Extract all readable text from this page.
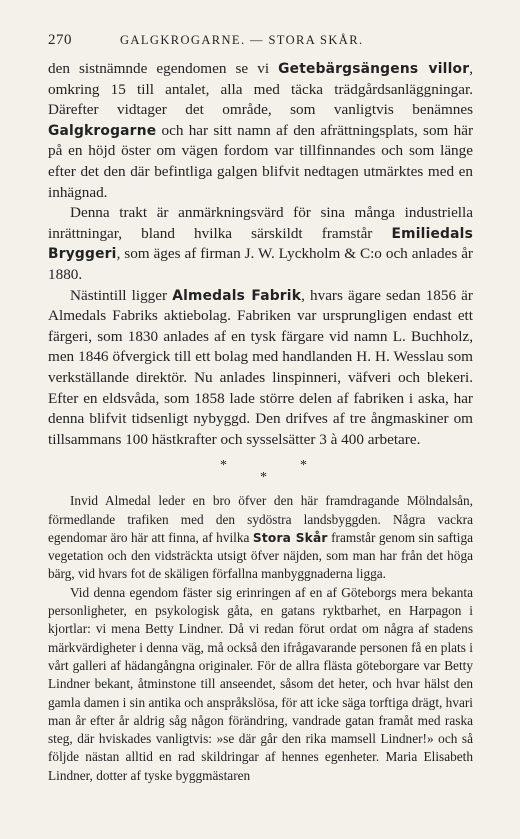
270	GALGKROGARNE. — STORA SKÅR.

den sistnämnde egendomen se vi Getebärgsängens villor, omkring 15 till antalet, alla med täcka trädgårdsanläggningar. Därefter vidtager det område, som vanligtvis benämnes Galgkrogarne och har sitt namn af den afrättningsplats, som här på en höjd öster om vägen fordom var tillfinnandes och som länge efter det den där befintliga galgen blifvit nedtagen utmärktes med en inhägnad.

Denna trakt är anmärkningsvärd för sina många industriella inrättningar, bland hvilka särskildt framstår Emiliedals Bryggeri, som äges af firman J. W. Lyckholm & C:o och anlades år 1880.

Nästintill ligger Almedals Fabrik, hvars ägare sedan 1856 är Almedals Fabriks aktiebolag. Fabriken var ursprungligen endast ett färgeri, som 1830 anlades af en tysk färgare vid namn L. Buchholz, men 1846 öfvergick till ett bolag med handlanden H. H. Wesslau som verkställande direktör. Nu anlades linspinneri, väfveri och blekeri. Efter en eldsvåda, som 1858 lade större delen af fabriken i aska, har denna blifvit tidsenligt nybyggd. Den drifves af tre ångmaskiner om tillsammans 100 hästkrafter och sysselsätter 3 à 400 arbetare.

*	*
*

Invid Almedal leder en bro öfver den här framdragande Mölndalsån, förmedlande trafiken med den sydöstra landsbyggden. Några vackra egendomar äro här att finna, af hvilka Stora Skår framstår genom sin saftiga vegetation och den vidsträckta utsigt öfver näjden, som man har från det höga bärg, vid hvars fot de skäligen förfallna manbyggnaderna ligga.

Vid denna egendom fäster sig erinringen af en af Göteborgs mera bekanta personligheter, en psykologisk gåta, en gatans ryktbarhet, en Harpagon i kjortlar: vi mena Betty Lindner. Då vi redan förut ordat om några af stadens märkvärdigheter i denna väg, må också den ifrågavarande personen få en plats i vårt galleri af hädangångna originaler. För de allra flästa göteborgare var Betty Lindner bekant, åtminstone till anseendet, såsom det heter, och hvar hälst den gamla damen i sin antika och anspråkslösa, för att icke säga torftiga drägt, hvari man år efter år aldrig såg någon förändring, vandrade gatan framåt med raska steg, där hviskades vanligtvis: »se där går den rika mamsell Lindner!» och så följde nästan alltid en rad skildringar af hennes egenheter. Maria Elisabeth Lindner, dotter af tyske byggmästaren
